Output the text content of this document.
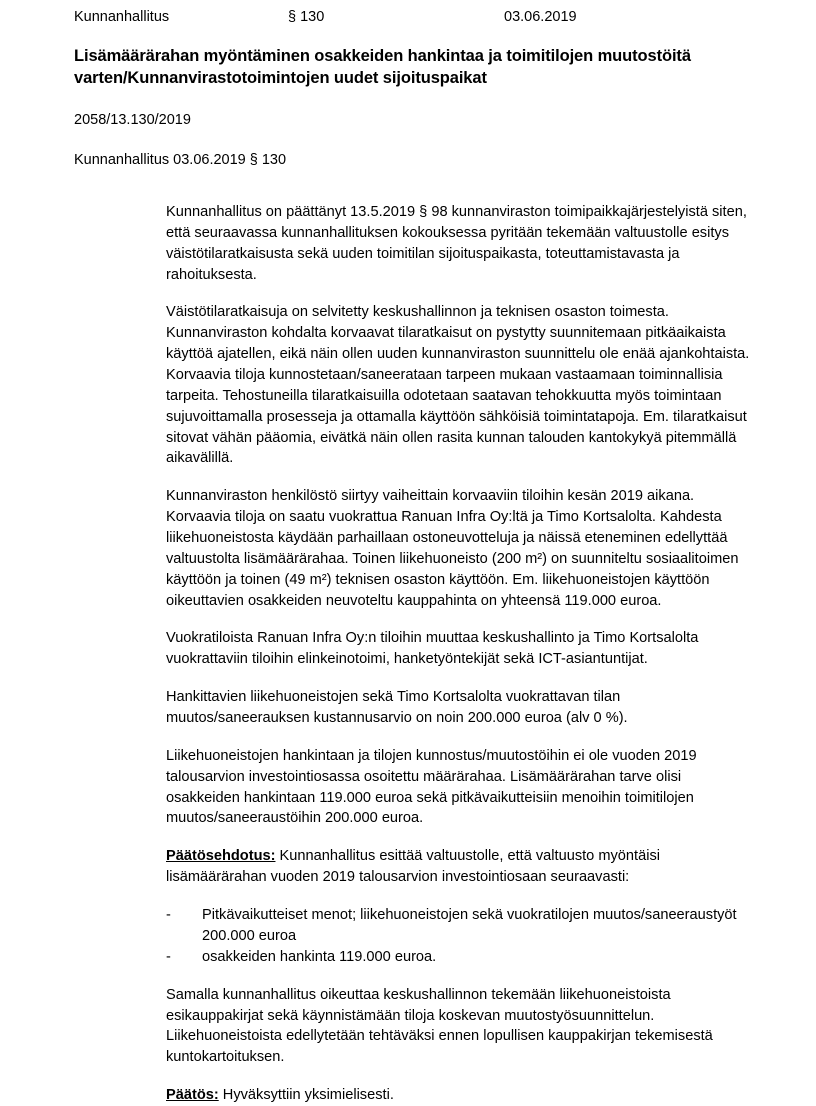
Kunnanhallitus	§ 130	03.06.2019
Lisämäärärahan myöntäminen osakkeiden hankintaa ja toimitilojen muutostöitä varten/Kunnanvirastotoimintojen uudet sijoituspaikat
2058/13.130/2019
Kunnanhallitus 03.06.2019 § 130

Kunnanhallitus on päättänyt 13.5.2019 § 98 kunnanviraston toimipaikkajärjestelyistä siten, että seuraavassa kunnanhallituksen kokouksessa pyritään tekemään valtuustolle esitys väistötilaratkaisusta sekä uuden toimitilan sijoituspaikasta, toteuttamistavasta ja rahoituksesta.

Väistötilaratkaisuja on selvitetty keskushallinnon ja teknisen osaston toimesta. Kunnanviraston kohdalta korvaavat tilaratkaisut on pystytty suunnitemaan pitkäaikaista käyttöä ajatellen, eikä näin ollen uuden kunnanviraston suunnittelu ole enää ajankohtaista. Korvaavia tiloja kunnostetaan/saneerataan tarpeen mukaan vastaamaan toiminnallisia tarpeita. Tehostuneilla tilaratkaisuilla odotetaan saatavan tehokkuutta myös toimintaan sujuvoittamalla prosesseja ja ottamalla käyttöön sähköisiä toimintatapoja. Em. tilaratkaisut sitovat vähän pääomia, eivätkä näin ollen rasita kunnan talouden kantokykyä pitemmällä aikavälillä.

Kunnanviraston henkilöstö siirtyy vaiheittain korvaaviin tiloihin kesän 2019 aikana. Korvaavia tiloja on saatu vuokrattua Ranuan Infra Oy:ltä ja Timo Kortsalolta. Kahdesta liikehuoneistosta käydään parhaillaan ostoneuvotteluja ja näissä eteneminen edellyttää valtuustolta lisämäärärahaa. Toinen liikehuoneisto (200 m²) on suunniteltu sosiaalitoimen käyttöön ja toinen (49 m²) teknisen osaston käyttöön. Em. liikehuoneistojen käyttöön oikeuttavien osakkeiden neuvoteltu kauppahinta on yhteensä 119.000 euroa.

Vuokratiloista Ranuan Infra Oy:n tiloihin muuttaa keskushallinto ja Timo Kortsalolta vuokrattaviin tiloihin elinkeinotoimi, hanketyöntekijät sekä ICT-asiantuntijat.

Hankittavien liikehuoneistojen sekä Timo Kortsalolta vuokrattavan tilan muutos/saneerauksen kustannusarvio on noin 200.000 euroa (alv 0 %).

Liikehuoneistojen hankintaan ja tilojen kunnostus/muutostöihin ei ole vuoden 2019 talousarvion investointiosassa osoitettu määrärahaa. Lisämäärärahan tarve olisi osakkeiden hankintaan 119.000 euroa sekä pitkävaikutteisiin menoihin toimitilojen muutos/saneeraustöihin 200.000 euroa.

Päätösehdotus: Kunnanhallitus esittää valtuustolle, että valtuusto myöntäisi lisämäärärahan vuoden 2019 talousarvion investointiosaan seuraavasti:

-	Pitkävaikutteiset menot; liikehuoneistojen sekä vuokratilojen muutos/saneeraustyöt 200.000 euroa
-	osakkeiden hankinta 119.000 euroa.

Samalla kunnanhallitus oikeuttaa keskushallinnon tekemään liikehuoneistoista esikauppakirjat sekä käynnistämään tiloja koskevan muutostyösuunnittelun. Liikehuoneistoista edellytetään tehtäväksi ennen lopullisen kauppakirjan tekemisestä kuntokartoituksen.

Päätös: Hyväksyttiin yksimielisesti.
